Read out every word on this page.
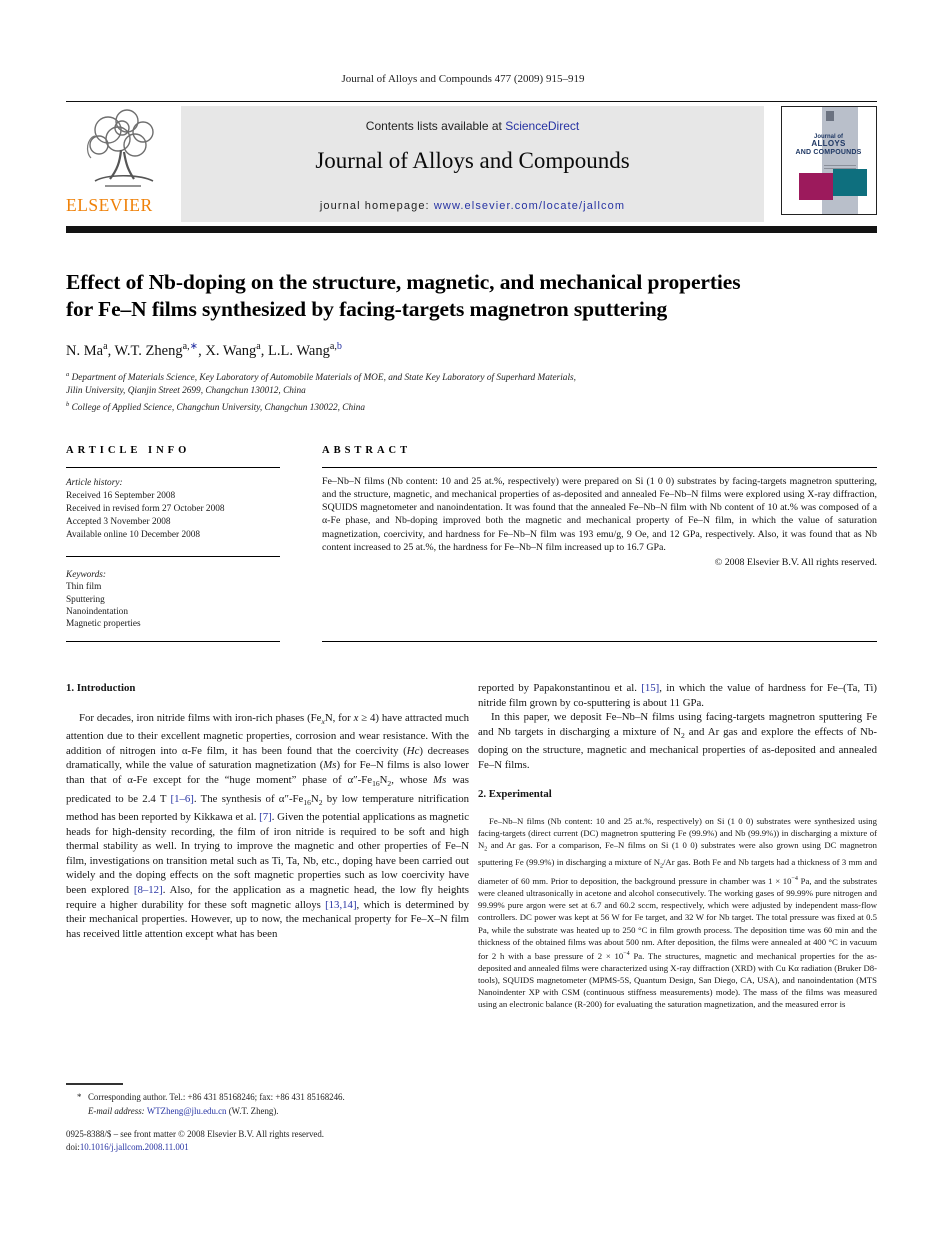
Journal of Alloys and Compounds 477 (2009) 915–919
ELSEVIER
Contents lists available at ScienceDirect
Journal of Alloys and Compounds
journal homepage: www.elsevier.com/locate/jallcom
Journal of
ALLOYS
AND COMPOUNDS
Effect of Nb-doping on the structure, magnetic, and mechanical properties
for Fe–N films synthesized by facing-targets magnetron sputtering
N. Ma$^a$, W.T. Zheng$^{a,∗}$, X. Wang$^a$, L.L. Wang$^{a,b}$
$^a$ Department of Materials Science, Key Laboratory of Automobile Materials of MOE, and State Key Laboratory of Superhard Materials,
Jilin University, Qianjin Street 2699, Changchun 130012, China
$^b$ College of Applied Science, Changchun University, Changchun 130022, China
ARTICLE INFO
Article history:
Received 16 September 2008
Received in revised form 27 October 2008
Accepted 3 November 2008
Available online 10 December 2008
Keywords:
Thin film
Sputtering
Nanoindentation
Magnetic properties
ABSTRACT
Fe–Nb–N films (Nb content: 10 and 25 at.%, respectively) were prepared on Si (1 0 0) substrates by facing-targets magnetron sputtering, and the structure, magnetic, and mechanical properties of as-deposited and annealed Fe–Nb–N films were explored using X-ray diffraction, SQUIDS magnetometer and nanoindentation. It was found that the annealed Fe–Nb–N film with Nb content of 10 at.% was composed of a α-Fe phase, and Nb-doping improved both the magnetic and mechanical property of Fe–N film, in which the value of saturation magnetization, coercivity, and hardness for Fe–Nb–N film was 193 emu/g, 9 Oe, and 12 GPa, respectively. Also, it was found that as Nb content increased to 25 at.%, the hardness for Fe–Nb–N film increased up to 16.7 GPa.
© 2008 Elsevier B.V. All rights reserved.
1. Introduction

For decades, iron nitride films with iron-rich phases ($Fe_xN$, for x ≥ 4) have attracted much attention due to their excellent magnetic properties, corrosion and wear resistance. With the addition of nitrogen into α-Fe film, it has been found that the coercivity (Hc) decreases dramatically, while the value of saturation magnetization (Ms) for Fe–N films is also lower than that of α-Fe except for the “huge moment” phase of $\alpha''-Fe_{16}N_2$, whose Ms was predicated to be 2.4 T [1–6]. The synthesis of $\alpha''-Fe_{16}N_2$ by low temperature nitrification method has been reported by Kikkawa et al. [7]. Given the potential applications as magnetic heads for high-density recording, the film of iron nitride is required to be soft and high thermal stability as well. In trying to improve the magnetic and other properties of Fe–N film, investigations on transition metal such as Ti, Ta, Nb, etc., doping have been carried out widely and the doping effects on the soft magnetic properties such as low coercivity have been explored [8–12]. Also, for the application as a magnetic head, the low fly heights require a higher durability for these soft magnetic alloys [13,14], which is determined by their mechanical properties. However, up to now, the mechanical property for Fe–X–N film has received little attention except what has been

reported by Papakonstantinou et al. [15], in which the value of hardness for Fe–(Ta, Ti) nitride film grown by co-sputtering is about 11 GPa.

In this paper, we deposit Fe–Nb–N films using facing-targets magnetron sputtering Fe and Nb targets in discharging a mixture of $N_2$ and Ar gas and explore the effects of Nb-doping on the structure, magnetic and mechanical properties of as-deposited and annealed Fe–N films.

2. Experimental

Fe–Nb–N films (Nb content: 10 and 25 at.%, respectively) on Si (1 0 0) substrates were synthesized using facing-targets (direct current (DC) magnetron sputtering Fe (99.9%) and Nb (99.9%)) in discharging a mixture of $N_2$ and Ar gas. For a comparison, Fe–N films on Si (1 0 0) substrates were also grown using DC magnetron sputtering Fe (99.9%) in discharging a mixture of $N_2/Ar$ gas. Both Fe and Nb targets had a thickness of 3 mm and diameter of 60 mm. Prior to deposition, the background pressure in chamber was $1 \times 10^{-4}$ Pa, and the substrates were cleaned ultrasonically in acetone and alcohol consecutively. The working gases of 99.99% pure nitrogen and 99.99% pure argon were set at 6.7 and 60.2 sccm, respectively, which were adjusted by independent mass-flow controllers. DC power was kept at 56 W for Fe target, and 32 W for Nb target. The total pressure was fixed at 0.5 Pa, while the substrate was heated up to 250 °C in film growth process. The deposition time was 60 min and the thickness of the obtained films was about 500 nm. After deposition, the films were annealed at 400 °C in vacuum for 2 h with a base pressure of $2 \times 10^{-4}$ Pa. The structures, magnetic and mechanical properties for the as-deposited and annealed films were characterized using X-ray diffraction (XRD) with Cu Kα radiation (Bruker D8-tools), SQUIDS magnetometer (MPMS-5S, Quantum Design, San Diego, CA, USA), and nanoindentation (MTS Nanoindenter XP with CSM (continuous stiffness measurements) mode). The mass of the films was measured using an electronic balance (R-200) for evaluating the saturation magnetization, and the measured error is

* Corresponding author. Tel.: +86 431 85168246; fax: +86 431 85168246.
E-mail address: WTZheng@jlu.edu.cn (W.T. Zheng).
0925-8388/$ – see front matter © 2008 Elsevier B.V. All rights reserved.
doi:10.1016/j.jallcom.2008.11.001
